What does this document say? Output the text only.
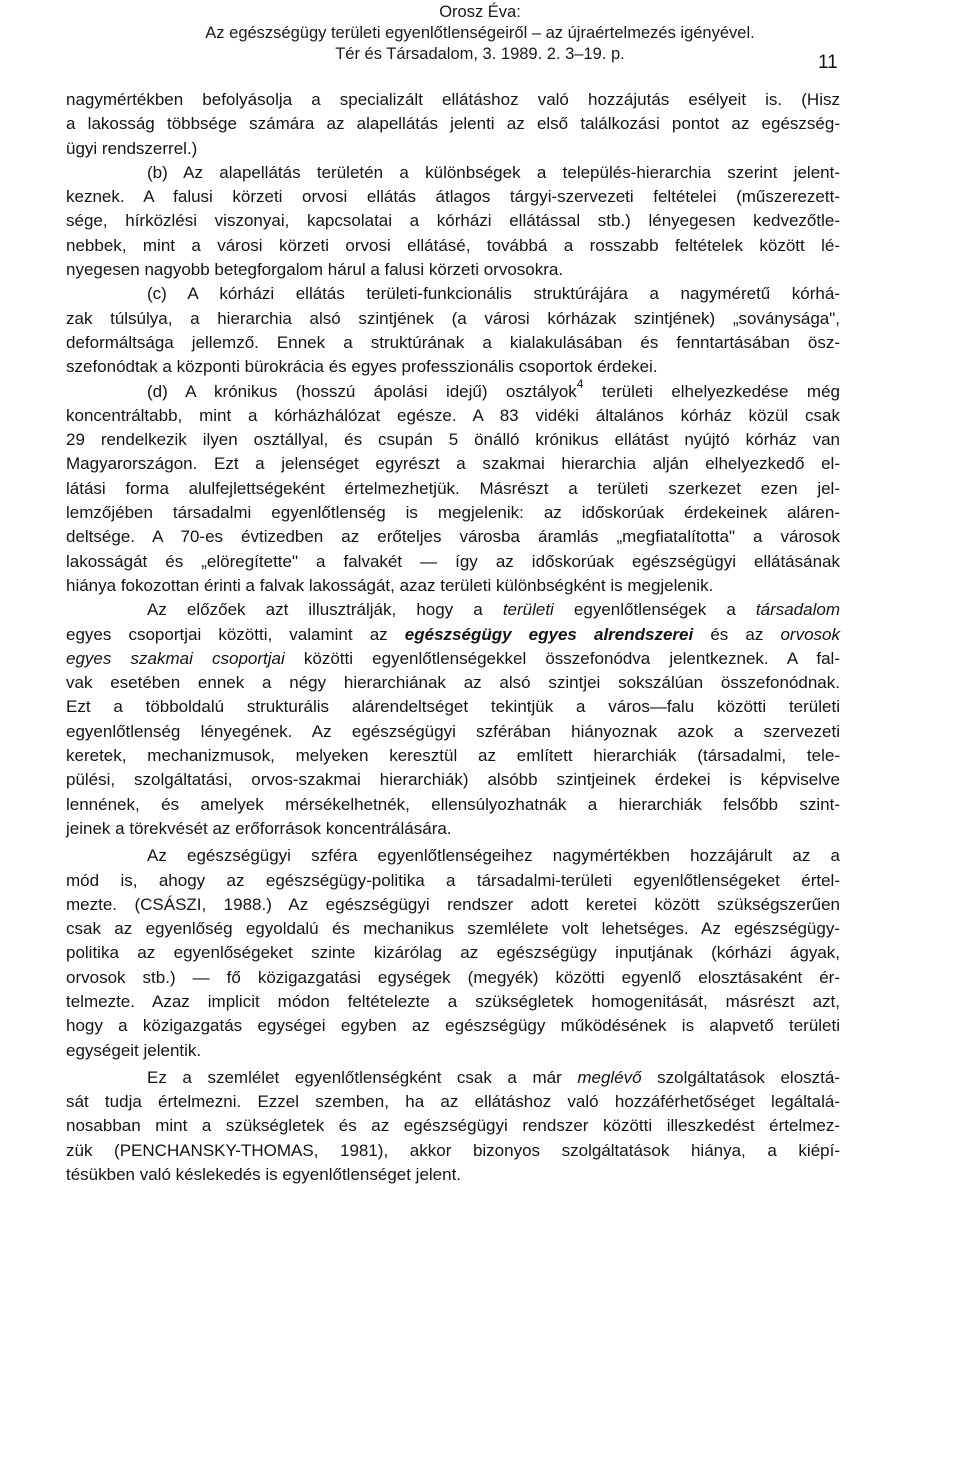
Orosz Éva:
Az egészségügy területi egyenlőtlenségeiről – az újraértelmezés igényével.
Tér és Társadalom, 3. 1989. 2. 3–19. p.	11
nagymértékben befolyásolja a specializált ellátáshoz való hozzájutás esélyeit is. (Hisz
a lakosság többsége számára az alapellátás jelenti az első találkozási pontot az egészség-
ügyi rendszerrel.)
(b) Az alapellátás területén a különbségek a település-hierarchia szerint jelent-
keznek. A falusi körzeti orvosi ellátás átlagos tárgyi-szervezeti feltételei (műszerezett-
sége, hírközlési viszonyai, kapcsolatai a kórházi ellátással stb.) lényegesen kedvezőtle-
nebbek, mint a városi körzeti orvosi ellátásé, továbbá a rosszabb feltételek között lé-
nyegesen nagyobb betegforgalom hárul a falusi körzeti orvosokra.
(c) A kórházi ellátás területi-funkcionális struktúrájára a nagyméretű kórhá-
zak túlsúlya, a hierarchia alsó szintjének (a városi kórházak szintjének) „soványsága",
deformáltsága jellemző. Ennek a struktúrának a kialakulásában és fenntartásában ösz-
szefonódtak a központi bürokrácia és egyes professzionális csoportok érdekei.
(d) A krónikus (hosszú ápolási idejű) osztályok$^4$ területi elhelyezkedése még
koncentráltabb, mint a kórházhálózat egésze. A 83 vidéki általános kórház közül csak
29 rendelkezik ilyen osztállyal, és csupán 5 önálló krónikus ellátást nyújtó kórház van
Magyarországon. Ezt a jelenséget egyrészt a szakmai hierarchia alján elhelyezkedő el-
látási forma alulfejlettségeként értelmezhetjük. Másrészt a területi szerkezet ezen jel-
lemzőjében társadalmi egyenlőtlenség is megjelenik: az időskorúak érdekeinek aláren-
deltsége. A 70-es évtizedben az erőteljes városba áramlás „megfiatalította" a városok
lakosságát és „elöregítette" a falvakét — így az időskorúak egészségügyi ellátásának
hiánya fokozottan érinti a falvak lakosságát, azaz területi különbségként is megjelenik.
Az előzőek azt illusztrálják, hogy a területi egyenlőtlenségek a társadalom
egyes csoportjai közötti, valamint az egészségügy egyes alrendszerei és az orvosok
egyes szakmai csoportjai közötti egyenlőtlenségekkel összefonódva jelentkeznek. A fal-
vak esetében ennek a négy hierarchiának az alsó szintjei sokszálúan összefonódnak.
Ezt a többoldalú strukturális alárendeltséget tekintjük a város—falu közötti területi
egyenlőtlenség lényegének. Az egészségügyi szférában hiányoznak azok a szervezeti
keretek, mechanizmusok, melyeken keresztül az említett hierarchiák (társadalmi, tele-
pülési, szolgáltatási, orvos-szakmai hierarchiák) alsóbb szintjeinek érdekei is képviselve
lennének, és amelyek mérsékelhetnék, ellensúlyozhatnák a hierarchiák felsőbb szint-
jeinek a törekvését az erőforrások koncentrálására.
Az egészségügyi szféra egyenlőtlenségeihez nagymértékben hozzájárult az a
mód is, ahogy az egészségügy-politika a társadalmi-területi egyenlőtlenségeket értel-
mezte. (CSÁSZI, 1988.) Az egészségügyi rendszer adott keretei között szükségszerűen
csak az egyenlőség egyoldalú és mechanikus szemlélete volt lehetséges. Az egészségügy-
politika az egyenlőségeket szinte kizárólag az egészségügy inputjának (kórházi ágyak,
orvosok stb.) — fő közigazgatási egységek (megyék) közötti egyenlő elosztásaként ér-
telmezte. Azaz implicit módon feltételezte a szükségletek homogenitását, másrészt azt,
hogy a közigazgatás egységei egyben az egészségügy működésének is alapvető területi
egységeit jelentik.
Ez a szemlélet egyenlőtlenségként csak a már meglévő szolgáltatások elosztá-
sát tudja értelmezni. Ezzel szemben, ha az ellátáshoz való hozzáférhetőséget legáltalá-
nosabban mint a szükségletek és az egészségügyi rendszer közötti illeszkedést értelmez-
zük (PENCHANSKY-THOMAS, 1981), akkor bizonyos szolgáltatások hiánya, a kiépí-
tésükben való késlekedés is egyenlőtlenséget jelent.
